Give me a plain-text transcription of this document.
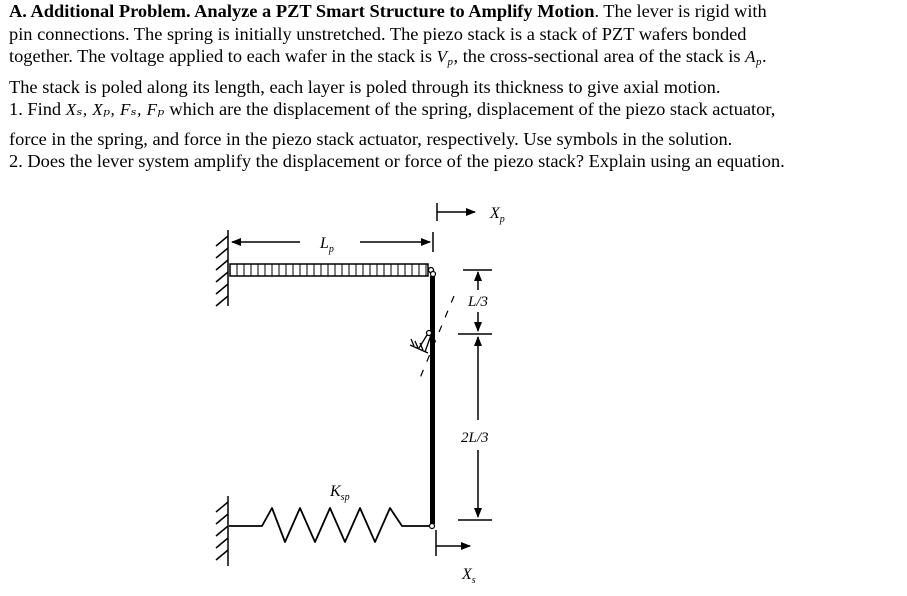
A. Additional Problem. Analyze a PZT Smart Structure to Amplify Motion. The lever is rigid with
pin connections. The spring is initially unstretched. The piezo stack is a stack of PZT wafers bonded
together. The voltage applied to each wafer in the stack is $V_p$, the cross-sectional area of the stack is $A_p$.

The stack is poled along its length, each layer is poled through its thickness to give axial motion.
1. Find Xₛ, Xₚ, Fₛ, Fₚ which are the displacement of the spring, displacement of the piezo stack actuator,

force in the spring, and force in the piezo stack actuator, respectively. Use symbols in the solution.
2. Does the lever system amplify the displacement or force of the piezo stack? Explain using an equation.

$X_p$
$L_p$
L/3
2L/3
$K_{sp}$
$X_s$
